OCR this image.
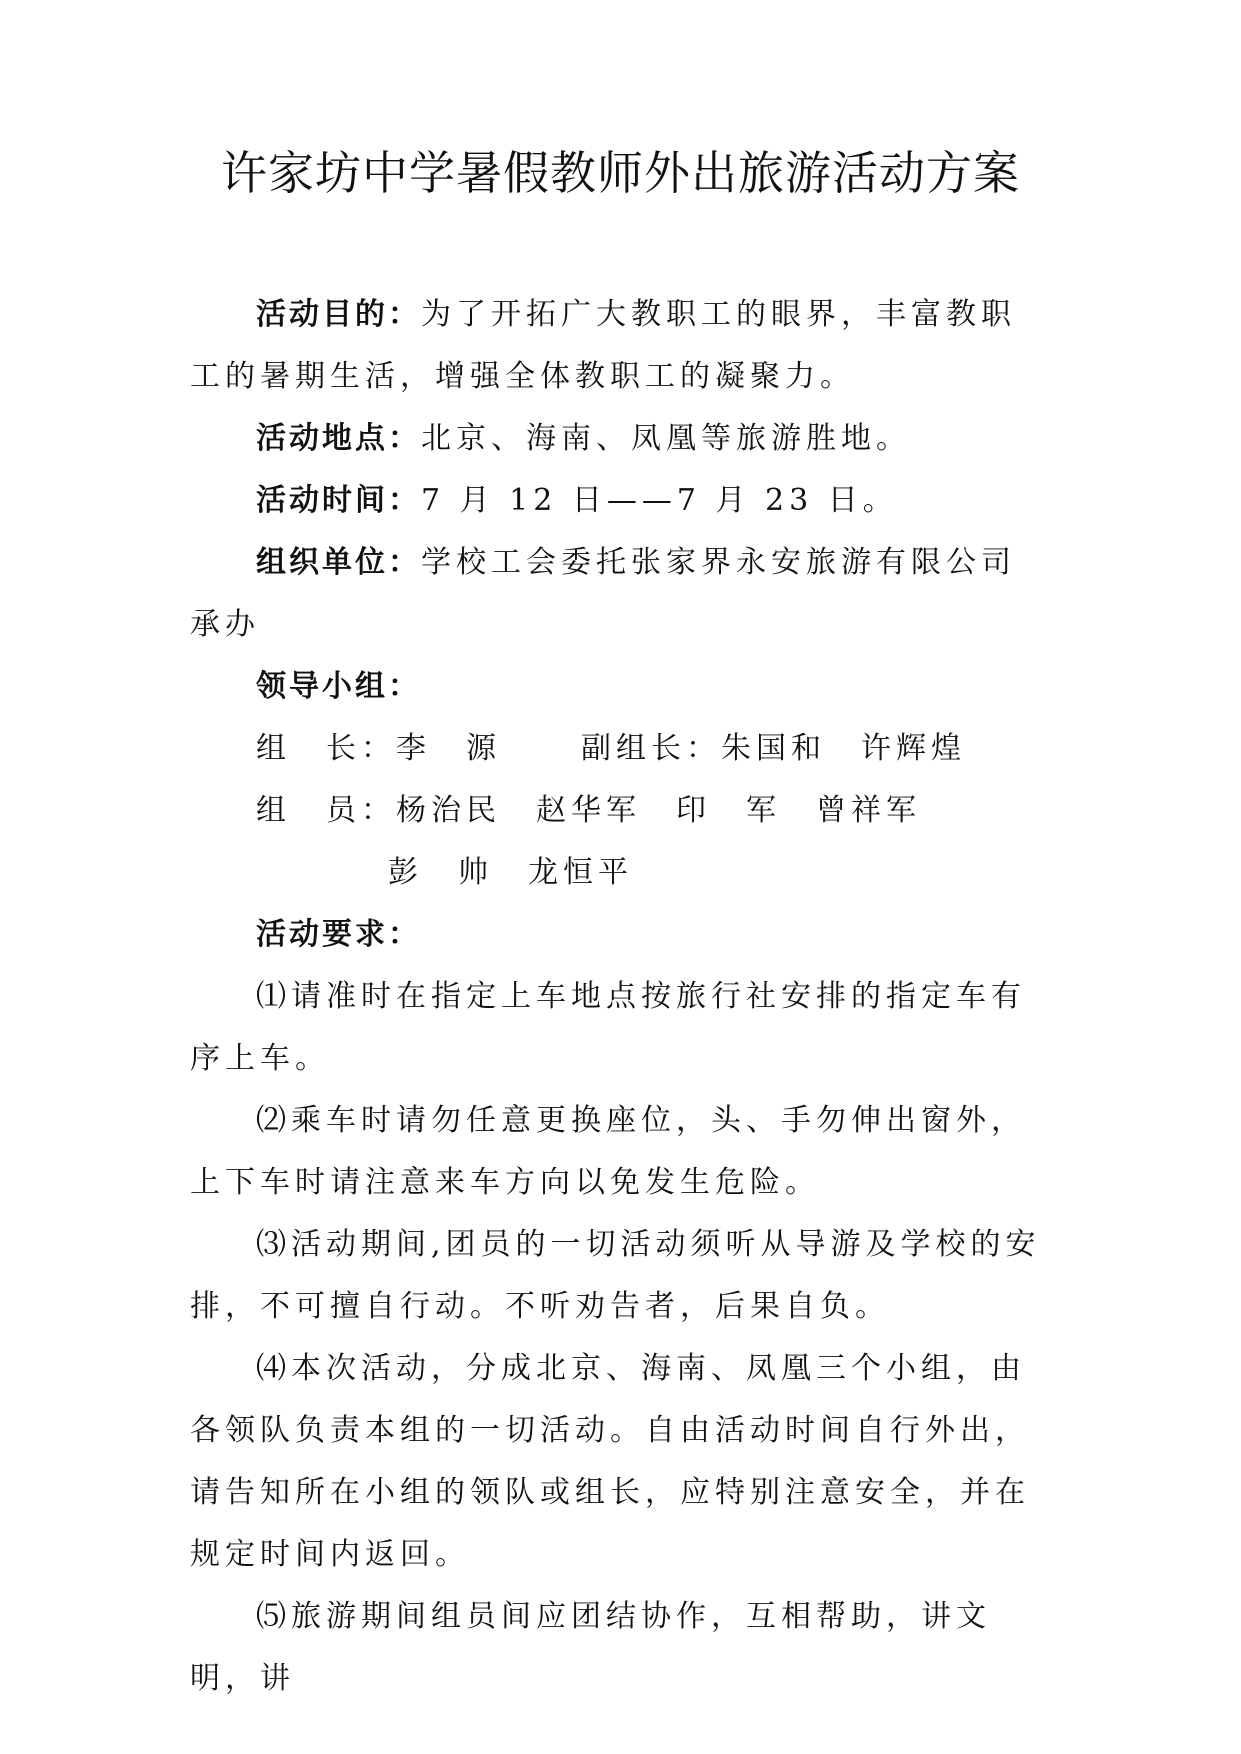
许家坊中学暑假教师外出旅游活动方案

活动目的：为了开拓广大教职工的眼界，丰富教职工的暑期生活，增强全体教职工的凝聚力。

活动地点：北京、海南、凤凰等旅游胜地。

活动时间：7 月 12 日——7 月 23 日。

组织单位：学校工会委托张家界永安旅游有限公司承办

领导小组：

组　长：李　源	副组长：朱国和　许辉煌
组　员：杨治民　赵华军　印　军　曾祥军
彭　帅　龙恒平

活动要求：

⑴请准时在指定上车地点按旅行社安排的指定车有序上车。

⑵乘车时请勿任意更换座位，头、手勿伸出窗外，上下车时请注意来车方向以免发生危险。

⑶活动期间,团员的一切活动须听从导游及学校的安排，不可擅自行动。不听劝告者，后果自负。

⑷本次活动，分成北京、海南、凤凰三个小组，由各领队负责本组的一切活动。自由活动时间自行外出，请告知所在小组的领队或组长，应特别注意安全，并在规定时间内返回。

⑸旅游期间组员间应团结协作，互相帮助，讲文明，讲
